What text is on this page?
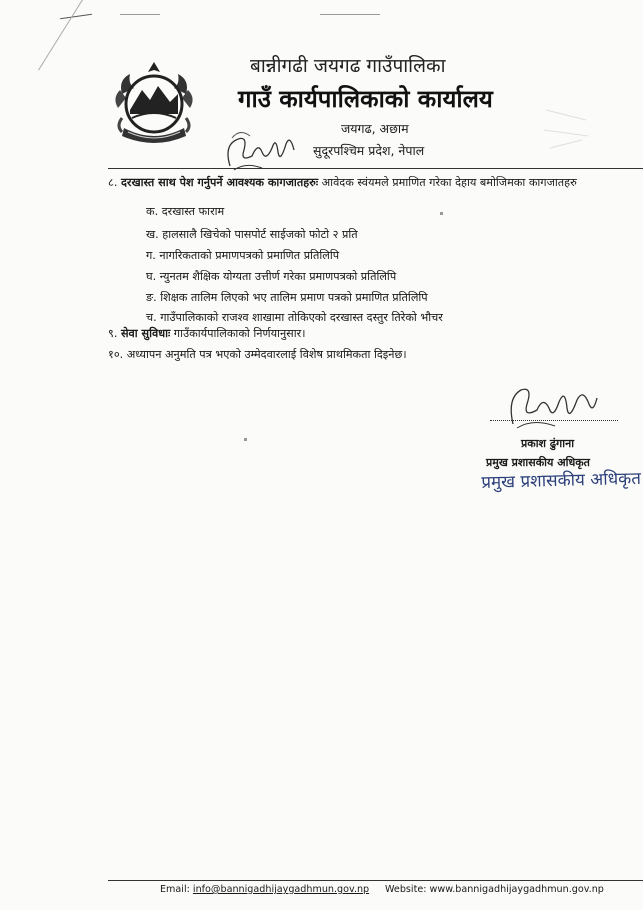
बान्नीगढी जयगढ गाउँपालिका
गाउँ कार्यपालिकाको कार्यालय
जयगढ, अछाम
सुदूरपश्चिम प्रदेश, नेपाल
८. दरखास्त साथ पेश गर्नुपर्ने आवश्यक कागजातहरुः आवेदक स्वंयमले प्रमाणित गरेका देहाय बमोजिमका कागजातहरु
क. दरखास्त फाराम
ख. हालसालै खिचेको पासपोर्ट साईजको फोटो २ प्रति
ग. नागरिकताको प्रमाणपत्रको प्रमाणित प्रतिलिपि
घ. न्युनतम शैक्षिक योग्यता उत्तीर्ण गरेका प्रमाणपत्रको प्रतिलिपि
ङ. शिक्षक तालिम लिएको भए तालिम प्रमाण पत्रको प्रमाणित प्रतिलिपि
च. गाउँपालिकाको राजश्व शाखामा तोकिएको दरखास्त दस्तुर तिरेको भौचर
९. सेवा सुविधाः गाउँकार्यपालिकाको निर्णयानुसार।
१०. अध्यापन अनुमति पत्र भएको उम्मेदवारलाई विशेष प्राथमिकता दिइनेछ।
प्रकाश ढुंगाना
प्रमुख प्रशासकीय अधिकृत
प्रमुख प्रशासकीय अधिकृत
Email: info@bannigadhijaygadhmun.gov.np Website: www.bannigadhijaygadhmun.gov.np
